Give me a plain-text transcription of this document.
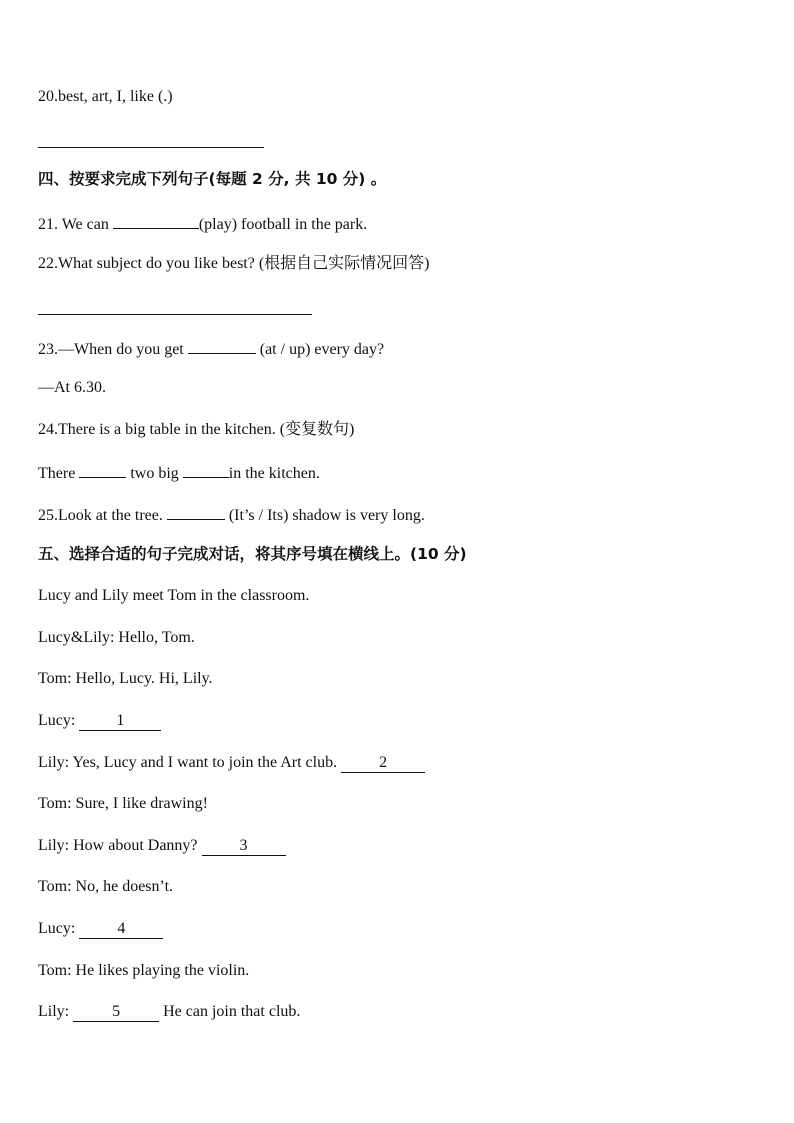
20.best, art, I, like (.)
四、按要求完成下列句子(每题 2 分, 共 10 分) 。
21. We can	(play) football in the park.
22.What subject do you like best? (根据自己实际情况回答)
23.—When do you get	(at / up) every day?
—At 6.30.
24.There is a big table in the kitchen. (变复数句)
There	two big	in the kitchen.
25.Look at the tree.	(It’s / Its) shadow is very long.
五、选择合适的句子完成对话，将其序号填在横线上。(10 分)
Lucy and Lily meet Tom in the classroom.
Lucy&Lily: Hello, Tom.
Tom: Hello, Lucy. Hi, Lily.
Lucy:	1
Lily: Yes, Lucy and I want to join the Art club.	2
Tom: Sure, I like drawing!
Lily: How about Danny?	3
Tom: No, he doesn’t.
Lucy:	4
Tom: He likes playing the violin.
Lily:	5	He can join that club.
